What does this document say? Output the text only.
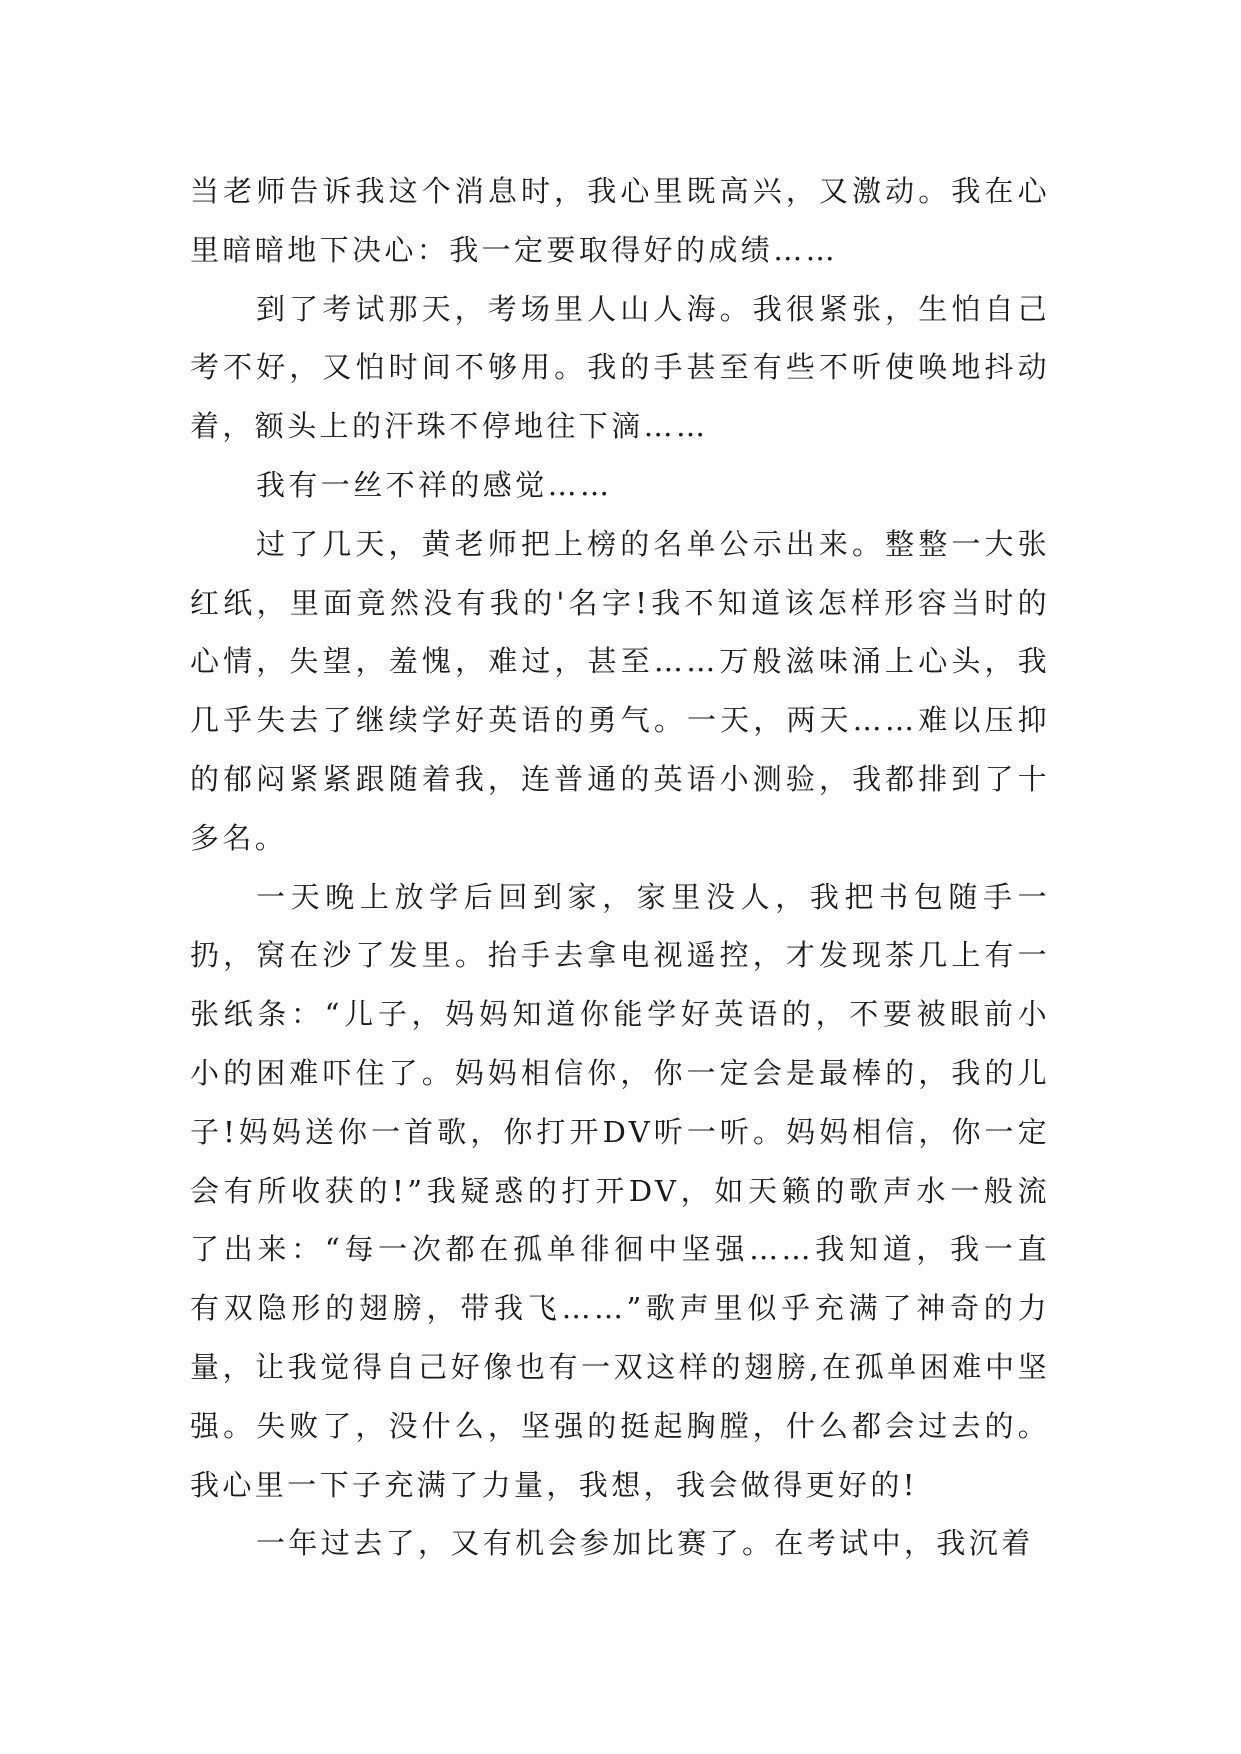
当老师告诉我这个消息时，我心里既高兴，又激动。我在心里暗暗地下决心：我一定要取得好的成绩……

到了考试那天，考场里人山人海。我很紧张，生怕自己考不好，又怕时间不够用。我的手甚至有些不听使唤地抖动着，额头上的汗珠不停地往下滴……

我有一丝不祥的感觉……

过了几天，黄老师把上榜的名单公示出来。整整一大张红纸，里面竟然没有我的'名字!我不知道该怎样形容当时的心情，失望，羞愧，难过，甚至……万般滋味涌上心头，我几乎失去了继续学好英语的勇气。一天，两天……难以压抑的郁闷紧紧跟随着我，连普通的英语小测验，我都排到了十多名。

一天晚上放学后回到家，家里没人，我把书包随手一扔，窝在沙了发里。抬手去拿电视遥控，才发现茶几上有一张纸条：“儿子，妈妈知道你能学好英语的，不要被眼前小小的困难吓住了。妈妈相信你，你一定会是最棒的，我的儿子!妈妈送你一首歌，你打开DV听一听。妈妈相信，你一定会有所收获的!”我疑惑的打开DV，如天籁的歌声水一般流了出来：“每一次都在孤单徘徊中坚强……我知道，我一直有双隐形的翅膀，带我飞……”歌声里似乎充满了神奇的力量，让我觉得自己好像也有一双这样的翅膀,在孤单困难中坚强。失败了，没什么，坚强的挺起胸膛，什么都会过去的。我心里一下子充满了力量，我想，我会做得更好的!

一年过去了，又有机会参加比赛了。在考试中，我沉着
